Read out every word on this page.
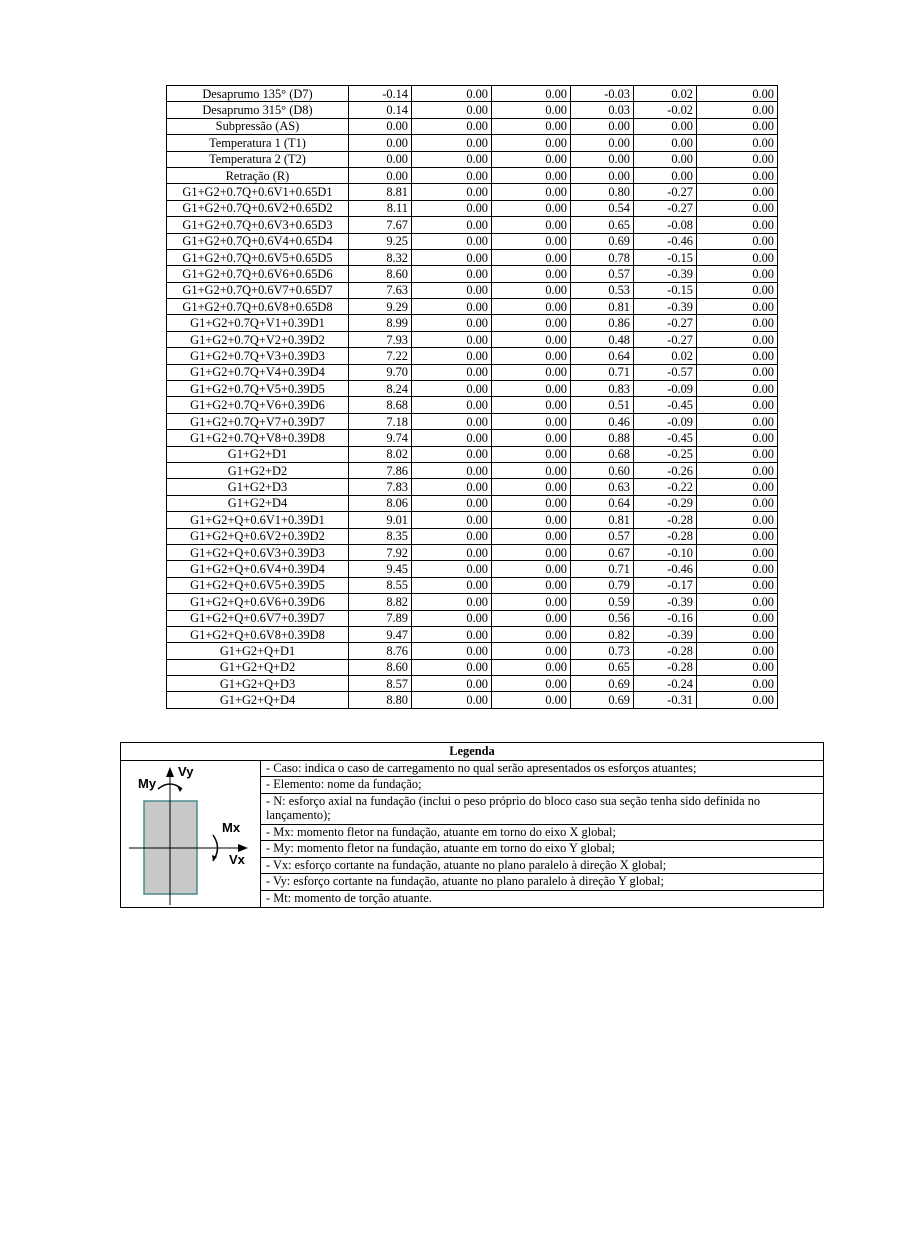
Desaprumo 135° (D7)	-0.14	0.00	0.00	-0.03	0.02	0.00
Desaprumo 315° (D8)	0.14	0.00	0.00	0.03	-0.02	0.00
Subpressão (AS)	0.00	0.00	0.00	0.00	0.00	0.00
Temperatura 1 (T1)	0.00	0.00	0.00	0.00	0.00	0.00
Temperatura 2 (T2)	0.00	0.00	0.00	0.00	0.00	0.00
Retração (R)	0.00	0.00	0.00	0.00	0.00	0.00
G1+G2+0.7Q+0.6V1+0.65D1	8.81	0.00	0.00	0.80	-0.27	0.00
G1+G2+0.7Q+0.6V2+0.65D2	8.11	0.00	0.00	0.54	-0.27	0.00
G1+G2+0.7Q+0.6V3+0.65D3	7.67	0.00	0.00	0.65	-0.08	0.00
G1+G2+0.7Q+0.6V4+0.65D4	9.25	0.00	0.00	0.69	-0.46	0.00
G1+G2+0.7Q+0.6V5+0.65D5	8.32	0.00	0.00	0.78	-0.15	0.00
G1+G2+0.7Q+0.6V6+0.65D6	8.60	0.00	0.00	0.57	-0.39	0.00
G1+G2+0.7Q+0.6V7+0.65D7	7.63	0.00	0.00	0.53	-0.15	0.00
G1+G2+0.7Q+0.6V8+0.65D8	9.29	0.00	0.00	0.81	-0.39	0.00
G1+G2+0.7Q+V1+0.39D1	8.99	0.00	0.00	0.86	-0.27	0.00
G1+G2+0.7Q+V2+0.39D2	7.93	0.00	0.00	0.48	-0.27	0.00
G1+G2+0.7Q+V3+0.39D3	7.22	0.00	0.00	0.64	0.02	0.00
G1+G2+0.7Q+V4+0.39D4	9.70	0.00	0.00	0.71	-0.57	0.00
G1+G2+0.7Q+V5+0.39D5	8.24	0.00	0.00	0.83	-0.09	0.00
G1+G2+0.7Q+V6+0.39D6	8.68	0.00	0.00	0.51	-0.45	0.00
G1+G2+0.7Q+V7+0.39D7	7.18	0.00	0.00	0.46	-0.09	0.00
G1+G2+0.7Q+V8+0.39D8	9.74	0.00	0.00	0.88	-0.45	0.00
G1+G2+D1	8.02	0.00	0.00	0.68	-0.25	0.00
G1+G2+D2	7.86	0.00	0.00	0.60	-0.26	0.00
G1+G2+D3	7.83	0.00	0.00	0.63	-0.22	0.00
G1+G2+D4	8.06	0.00	0.00	0.64	-0.29	0.00
G1+G2+Q+0.6V1+0.39D1	9.01	0.00	0.00	0.81	-0.28	0.00
G1+G2+Q+0.6V2+0.39D2	8.35	0.00	0.00	0.57	-0.28	0.00
G1+G2+Q+0.6V3+0.39D3	7.92	0.00	0.00	0.67	-0.10	0.00
G1+G2+Q+0.6V4+0.39D4	9.45	0.00	0.00	0.71	-0.46	0.00
G1+G2+Q+0.6V5+0.39D5	8.55	0.00	0.00	0.79	-0.17	0.00
G1+G2+Q+0.6V6+0.39D6	8.82	0.00	0.00	0.59	-0.39	0.00
G1+G2+Q+0.6V7+0.39D7	7.89	0.00	0.00	0.56	-0.16	0.00
G1+G2+Q+0.6V8+0.39D8	9.47	0.00	0.00	0.82	-0.39	0.00
G1+G2+Q+D1	8.76	0.00	0.00	0.73	-0.28	0.00
G1+G2+Q+D2	8.60	0.00	0.00	0.65	-0.28	0.00
G1+G2+Q+D3	8.57	0.00	0.00	0.69	-0.24	0.00
G1+G2+Q+D4	8.80	0.00	0.00	0.69	-0.31	0.00
Legenda

My
Vy
Mx
Vx
	- Caso: indica o caso de carregamento no qual serão apresentados os esforços atuantes;
- Elemento: nome da fundação;
- N: esforço axial na fundação (inclui o peso próprio do bloco caso sua seção tenha sido definida no lançamento);
- Mx: momento fletor na fundação, atuante em torno do eixo X global;
- My: momento fletor na fundação, atuante em torno do eixo Y global;
- Vx: esforço cortante na fundação, atuante no plano paralelo à direção X global;
- Vy: esforço cortante na fundação, atuante no plano paralelo à direção Y global;
- Mt: momento de torção atuante.
